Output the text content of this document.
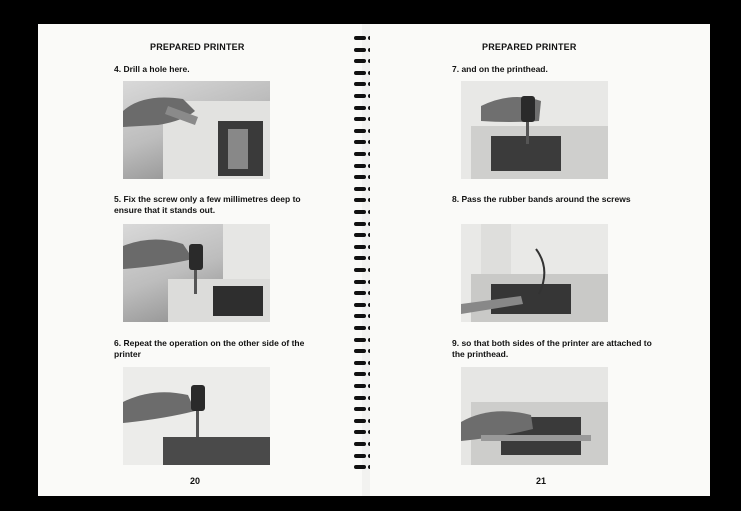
PREPARED PRINTER
4. Drill a hole here.
5. Fix the screw only a few millimetres deep to ensure that it stands out.
6. Repeat the operation on the other side of the printer
20
PREPARED PRINTER
7. and on the printhead.
8. Pass the rubber bands around the screws
9. so that both sides of the printer are attached to the printhead.
21
